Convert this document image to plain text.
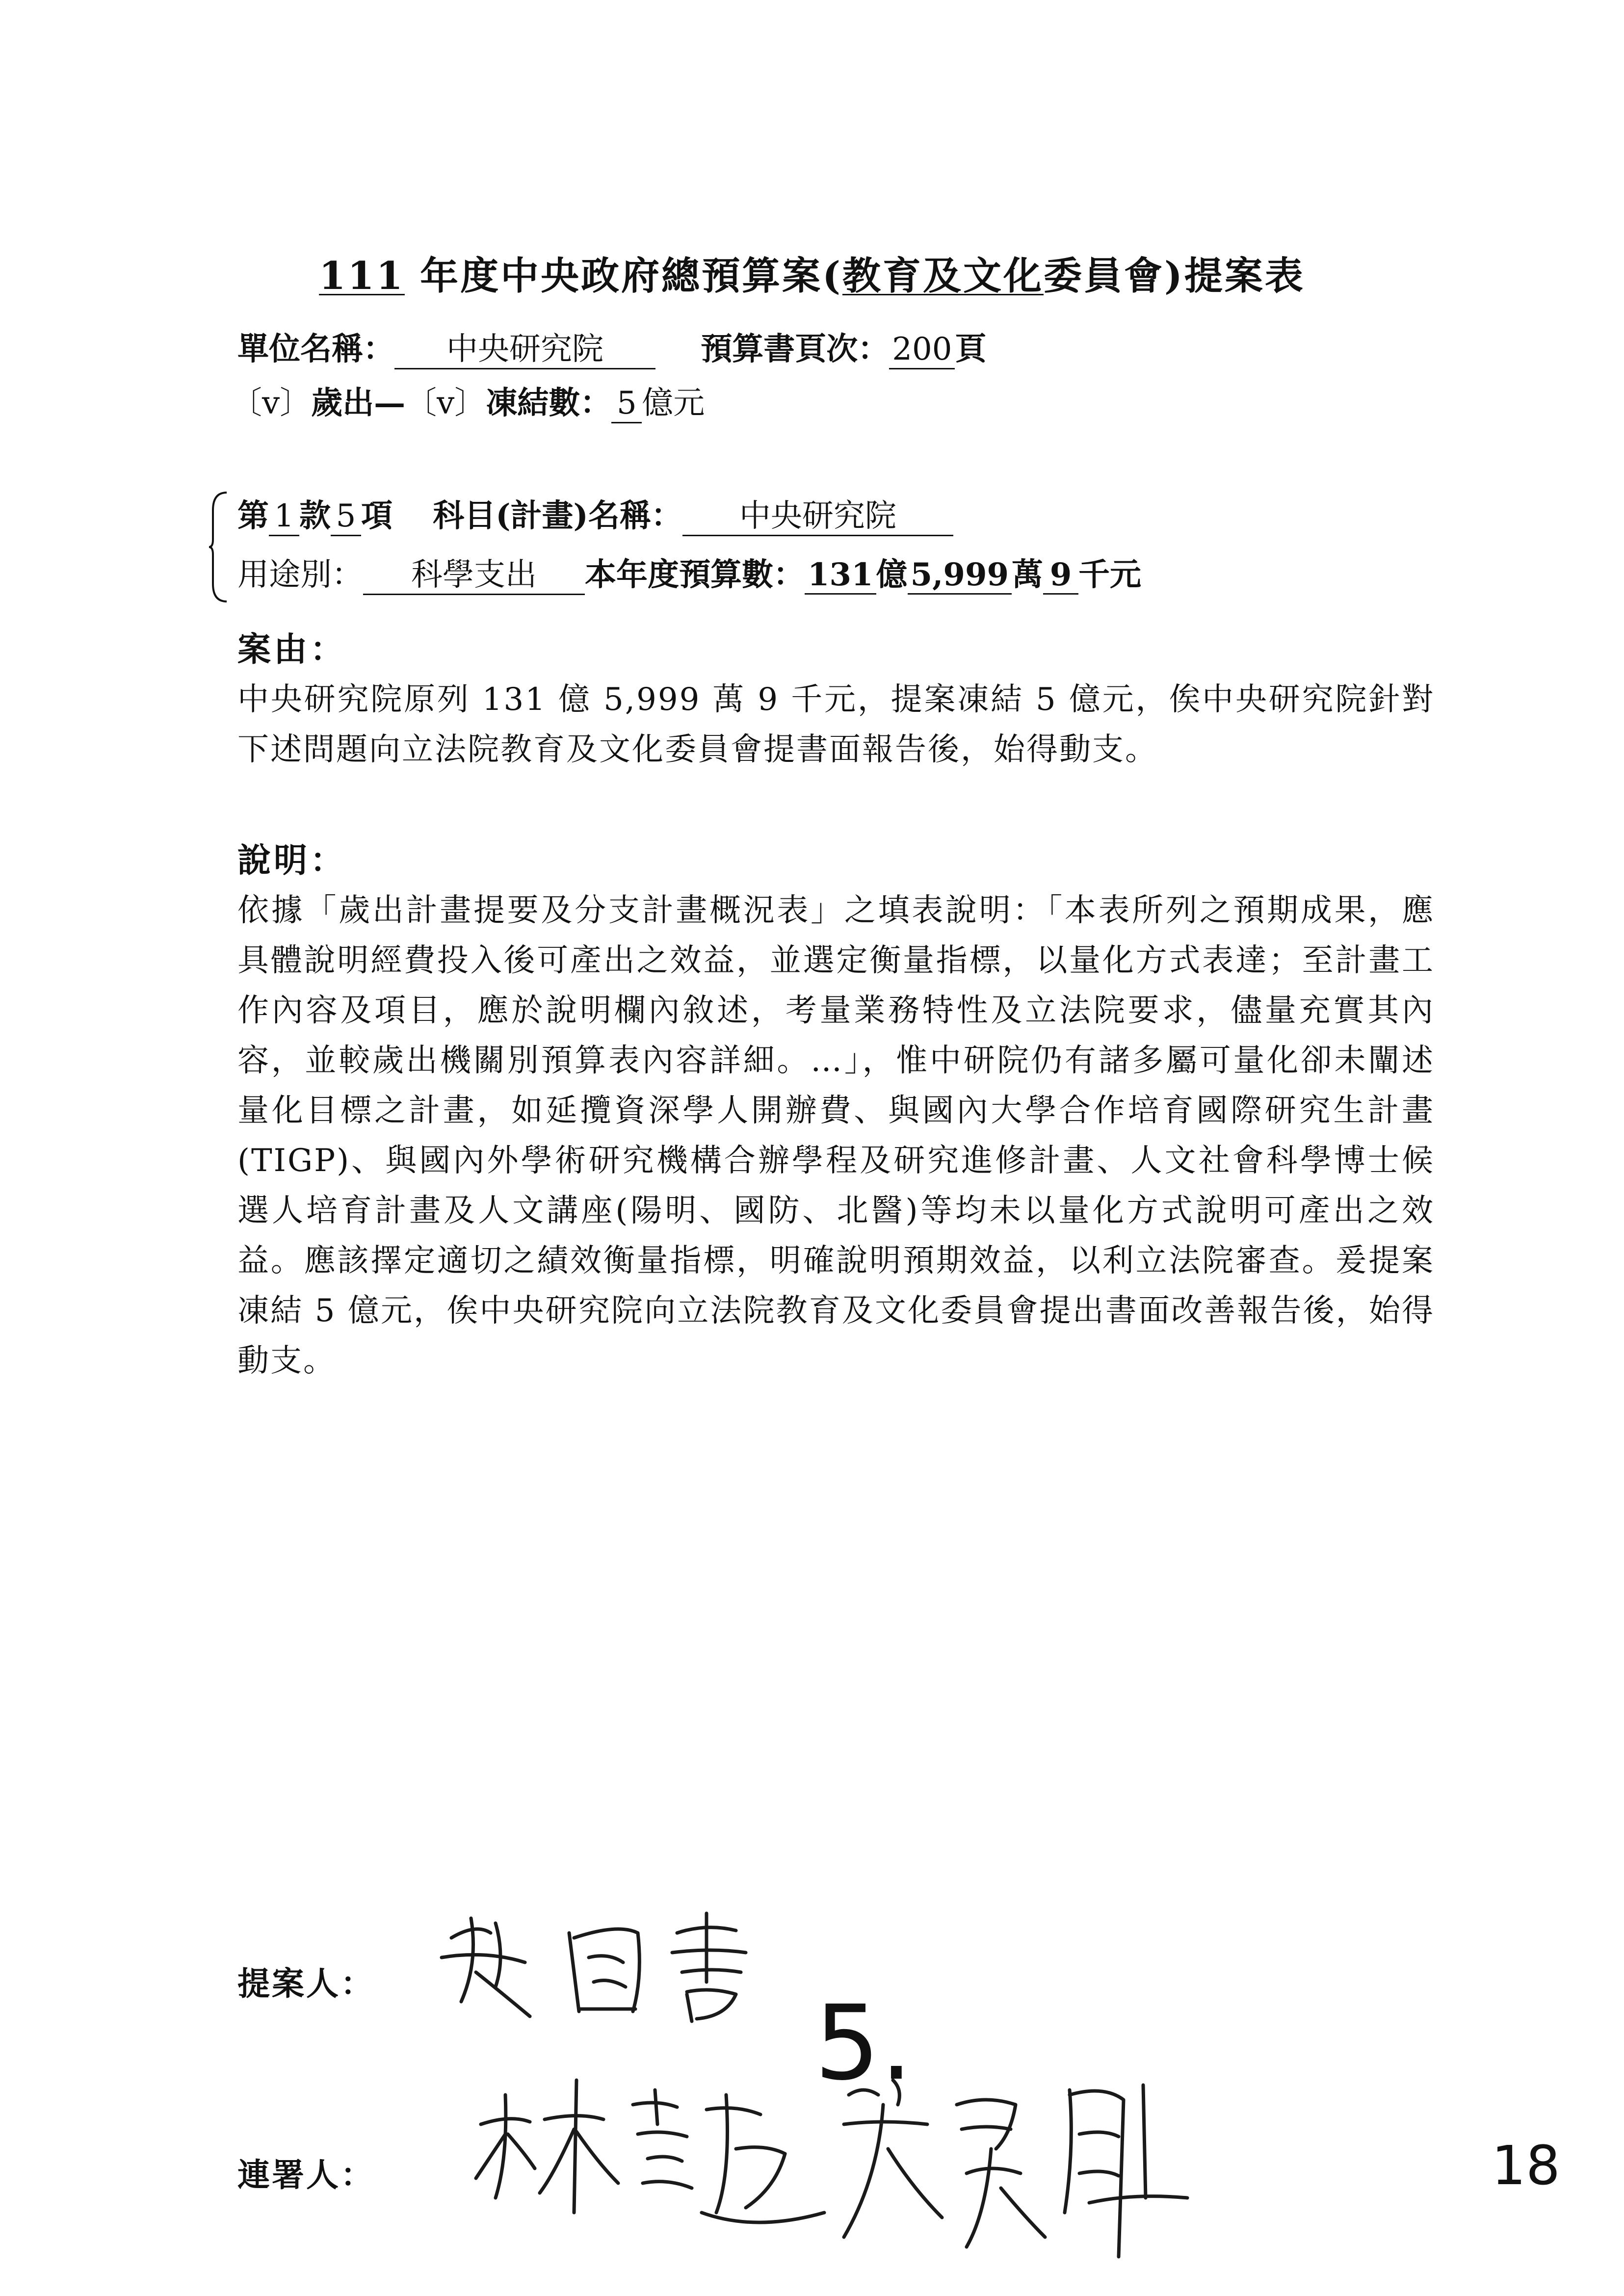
111 年度中央政府總預算案(教育及文化委員會)提案表
單位名稱： 中央研究院	預算書頁次：200頁
〔v〕歲出—〔v〕凍結數： 5 億元
第 1 款 5 項 科目(計畫)名稱： 中央研究院
用途別： 科學支出 本年度預算數：131億5,999萬 9 千元
案由：

中央研究院原列 131 億 5,999 萬 9 千元，提案凍結 5 億元，俟中央研究院針對下述問題向立法院教育及文化委員會提書面報告後，始得動支。

說明：

依據「歲出計畫提要及分支計畫概況表」之填表說明：「本表所列之預期成果，應具體說明經費投入後可產出之效益，並選定衡量指標，以量化方式表達；至計畫工作內容及項目，應於說明欄內敘述，考量業務特性及立法院要求，儘量充實其內容，並較歲出機關別預算表內容詳細。…」，惟中研院仍有諸多屬可量化卻未闡述量化目標之計畫，如延攬資深學人開辦費、與國內大學合作培育國際研究生計畫(TIGP)、與國內外學術研究機構合辦學程及研究進修計畫、人文社會科學博士候選人培育計畫及人文講座(陽明、國防、北醫)等均未以量化方式說明可產出之效益。應該擇定適切之績效衡量指標，明確說明預期效益，以利立法院審查。爰提案凍結 5 億元，俟中央研究院向立法院教育及文化委員會提出書面改善報告後，始得動支。

提案人：	5.
連署人：	18
